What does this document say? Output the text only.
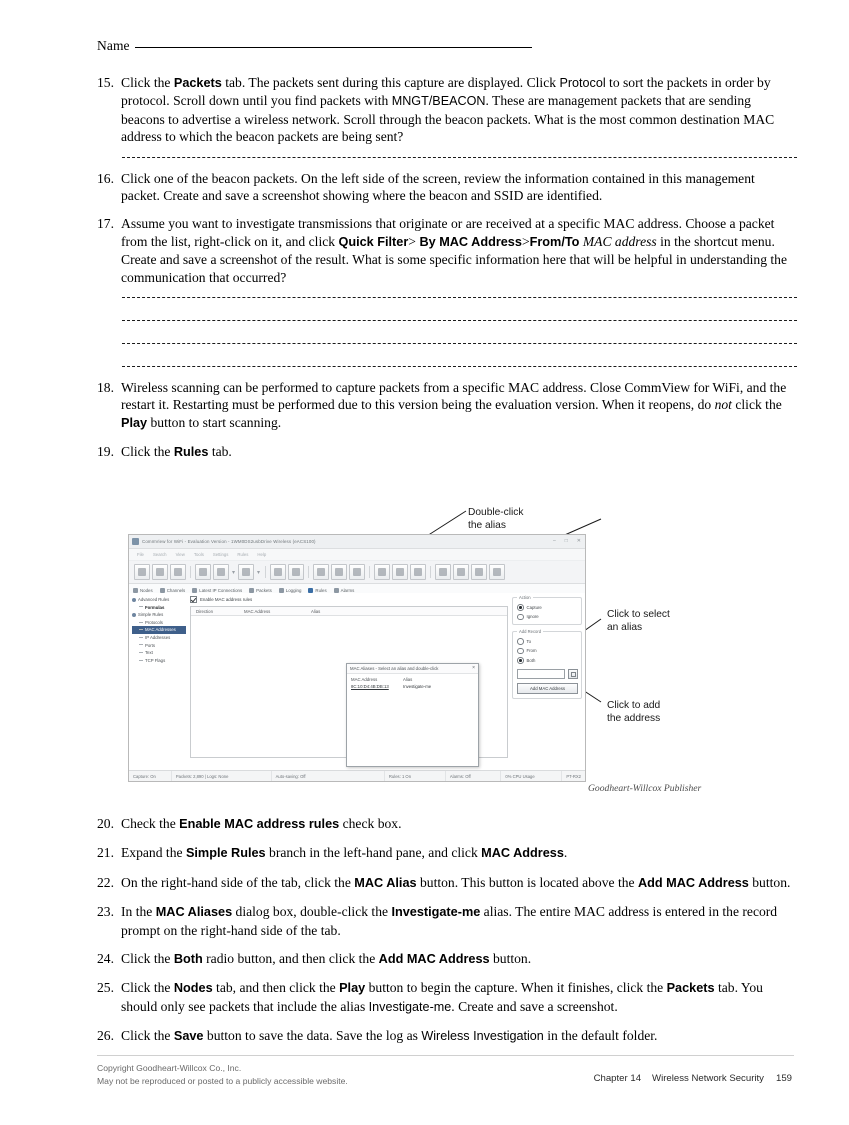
Name
15. Click the Packets tab. The packets sent during this capture are displayed. Click Protocol to sort the packets in order by protocol. Scroll down until you find packets with MNGT/BEACON. These are management packets that are sending beacons to advertise a wireless network. Scroll through the beacon packets. What is the most common destination MAC address to which the beacon packets are being sent?
16. Click one of the beacon packets. On the left side of the screen, review the information contained in this management packet. Create and save a screenshot showing where the beacon and SSID are identified.
17. Assume you want to investigate transmissions that originate or are received at a specific MAC address. Choose a packet from the list, right-click on it, and click Quick Filter> By MAC Address>From/To MAC address in the shortcut menu. Create and save a screenshot of the result. What is some specific information here that will be helpful in understanding the communication that occurred?
18. Wireless scanning can be performed to capture packets from a specific MAC address. Close CommView for WiFi, and the restart it. Restarting must be performed due to this version being the evaluation version. When it reopens, do not click the Play button to start scanning.
19. Click the Rules tab.
Double-click
the alias
Click to select
an alias
Click to add
the address
CommView for WiFi - Evaluation Version - 1WM0DS2usbDrive Wireless (eACS100)	– □ ✕
File Search View Tools Settings Rules Help
▾	▾
Nodes	Channels	Latest IP Connections	Packets	Logging	Rules	Alarms
Advanced Rules
Formulas
Simple Rules
Protocols
MAC Addresses
IP Addresses
Ports
Text
TCP Flags
Enable MAC address rules
Direction	MAC Address	Alias
MAC Aliases - Select an alias and double-click	×
MAC Address	Alias
8C:10:D4:4B:DB:13	Investigate-me
Action
Capture
Ignore
Add Record
To
From
Both
Add MAC Address
Capture: On	Packets: 2,890 | Logs: None	Auto-saving: Off	Rules: 1 On	Alarms: Off	0% CPU Usage	PT-RX2
Goodheart-Willcox Publisher
20. Check the Enable MAC address rules check box.
21. Expand the Simple Rules branch in the left-hand pane, and click MAC Address.
22. On the right-hand side of the tab, click the MAC Alias button. This button is located above the Add MAC Address button.
23. In the MAC Aliases dialog box, double-click the Investigate-me alias. The entire MAC address is entered in the record prompt on the right-hand side of the tab.
24. Click the Both radio button, and then click the Add MAC Address button.
25. Click the Nodes tab, and then click the Play button to begin the capture. When it finishes, click the Packets tab. You should only see packets that include the alias Investigate-me. Create and save a screenshot.
26. Click the Save button to save the data. Save the log as Wireless Investigation in the default folder.
Copyright Goodheart-Willcox Co., Inc.
May not be reproduced or posted to a publicly accessible website.	Chapter 14 Wireless Network Security 159
